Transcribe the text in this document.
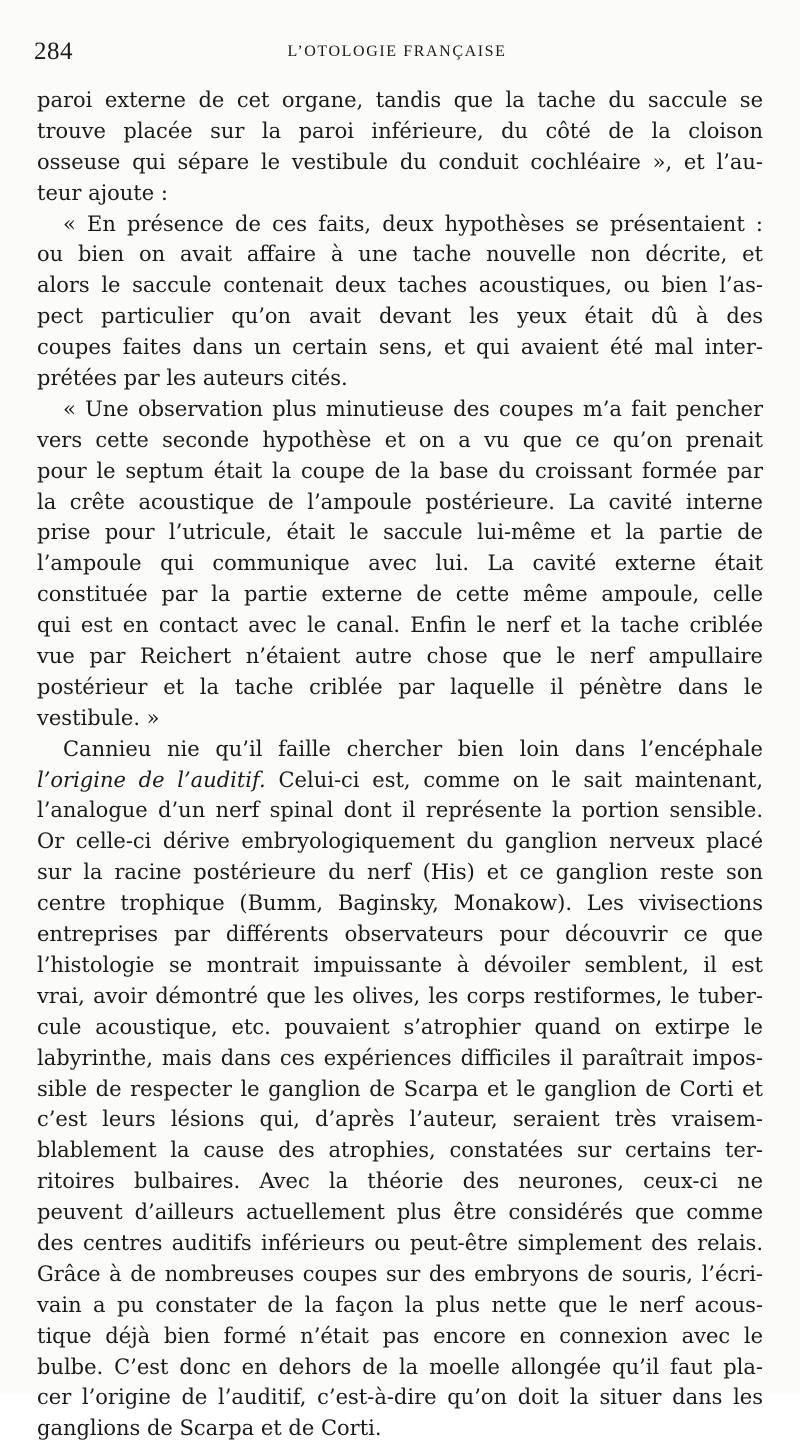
284	L’OTOLOGIE FRANÇAISE
paroi externe de cet organe, tandis que la tache du saccule se
trouve placée sur la paroi inférieure, du côté de la cloison
osseuse qui sépare le vestibule du conduit cochléaire », et l’au-
teur ajoute :
« En présence de ces faits, deux hypothèses se présentaient :
ou bien on avait affaire à une tache nouvelle non décrite, et
alors le saccule contenait deux taches acoustiques, ou bien l’as-
pect particulier qu’on avait devant les yeux était dû à des
coupes faites dans un certain sens, et qui avaient été mal inter-
prétées par les auteurs cités.
« Une observation plus minutieuse des coupes m’a fait pencher
vers cette seconde hypothèse et on a vu que ce qu’on prenait
pour le septum était la coupe de la base du croissant formée par
la crête acoustique de l’ampoule postérieure. La cavité interne
prise pour l’utricule, était le saccule lui-même et la partie de
l’ampoule qui communique avec lui. La cavité externe était
constituée par la partie externe de cette même ampoule, celle
qui est en contact avec le canal. Enfin le nerf et la tache criblée
vue par Reichert n’étaient autre chose que le nerf ampullaire
postérieur et la tache criblée par laquelle il pénètre dans le
vestibule. »
Cannieu nie qu’il faille chercher bien loin dans l’encéphale
l’origine de l’auditif. Celui-ci est, comme on le sait maintenant,
l’analogue d’un nerf spinal dont il représente la portion sensible.
Or celle-ci dérive embryologiquement du ganglion nerveux placé
sur la racine postérieure du nerf (His) et ce ganglion reste son
centre trophique (Bumm, Baginsky, Monakow). Les vivisections
entreprises par différents observateurs pour découvrir ce que
l’histologie se montrait impuissante à dévoiler semblent, il est
vrai, avoir démontré que les olives, les corps restiformes, le tuber-
cule acoustique, etc. pouvaient s’atrophier quand on extirpe le
labyrinthe, mais dans ces expériences difficiles il paraîtrait impos-
sible de respecter le ganglion de Scarpa et le ganglion de Corti et
c’est leurs lésions qui, d’après l’auteur, seraient très vraisem-
blablement la cause des atrophies, constatées sur certains ter-
ritoires bulbaires. Avec la théorie des neurones, ceux-ci ne
peuvent d’ailleurs actuellement plus être considérés que comme
des centres auditifs inférieurs ou peut-être simplement des relais.
Grâce à de nombreuses coupes sur des embryons de souris, l’écri-
vain a pu constater de la façon la plus nette que le nerf acous-
tique déjà bien formé n’était pas encore en connexion avec le
bulbe. C’est donc en dehors de la moelle allongée qu’il faut pla-
cer l’origine de l’auditif, c’est-à-dire qu’on doit la situer dans les
ganglions de Scarpa et de Corti.
